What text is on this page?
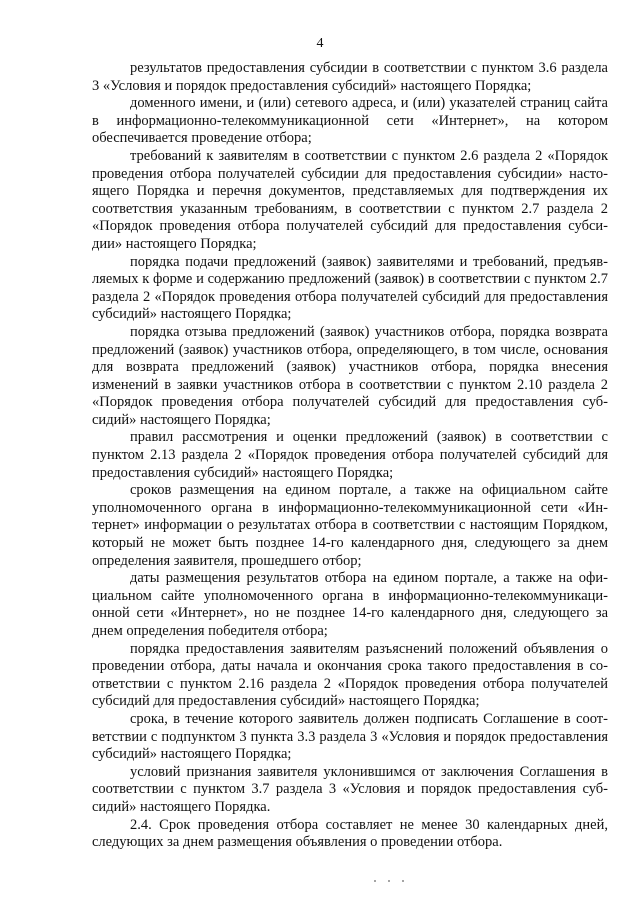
4

результатов предоставления субсидии в соответствии с пунктом 3.6 раздела 3 «Условия и порядок предоставления субсидий» настоящего Порядка;

доменного имени, и (или) сетевого адреса, и (или) указателей страниц сайта в информационно-телекоммуникационной сети «Интернет», на котором обеспечивается проведение отбора;

требований к заявителям в соответствии с пунктом 2.6 раздела 2 «Порядок проведения отбора получателей субсидии для предоставления субсидии» настоящего Порядка и перечня документов, представляемых для подтверждения их соответствия указанным требованиям, в соответствии с пунктом 2.7 раздела 2 «Порядок проведения отбора получателей субсидий для предоставления субсидии» настоящего Порядка;

порядка подачи предложений (заявок) заявителями и требований, предъявляемых к форме и содержанию предложений (заявок) в соответствии с пунктом 2.7 раздела 2 «Порядок проведения отбора получателей субсидий для предоставления субсидий» настоящего Порядка;

порядка отзыва предложений (заявок) участников отбора, порядка возврата предложений (заявок) участников отбора, определяющего, в том числе, основания для возврата предложений (заявок) участников отбора, порядка внесения изменений в заявки участников отбора в соответствии с пунктом 2.10 раздела 2 «Порядок проведения отбора получателей субсидий для предоставления субсидий» настоящего Порядка;

правил рассмотрения и оценки предложений (заявок) в соответствии с пунктом 2.13 раздела 2 «Порядок проведения отбора получателей субсидий для предоставления субсидий» настоящего Порядка;

сроков размещения на едином портале, а также на официальном сайте уполномоченного органа в информационно-телекоммуникационной сети «Интернет» информации о результатах отбора в соответствии с настоящим Порядком, который не может быть позднее 14-го календарного дня, следующего за днем определения заявителя, прошедшего отбор;

даты размещения результатов отбора на едином портале, а также на официальном сайте уполномоченного органа в информационно-телекоммуникационной сети «Интернет», но не позднее 14-го календарного дня, следующего за днем определения победителя отбора;

порядка предоставления заявителям разъяснений положений объявления о проведении отбора, даты начала и окончания срока такого предоставления в соответствии с пунктом 2.16 раздела 2 «Порядок проведения отбора получателей субсидий для предоставления субсидий» настоящего Порядка;

срока, в течение которого заявитель должен подписать Соглашение в соответствии с подпунктом 3 пункта 3.3 раздела 3 «Условия и порядок предоставления субсидий» настоящего Порядка;

условий признания заявителя уклонившимся от заключения Соглашения в соответствии с пунктом 3.7 раздела 3 «Условия и порядок предоставления субсидий» настоящего Порядка.

2.4. Срок проведения отбора составляет не менее 30 календарных дней, следующих за днем размещения объявления о проведении отбора.
